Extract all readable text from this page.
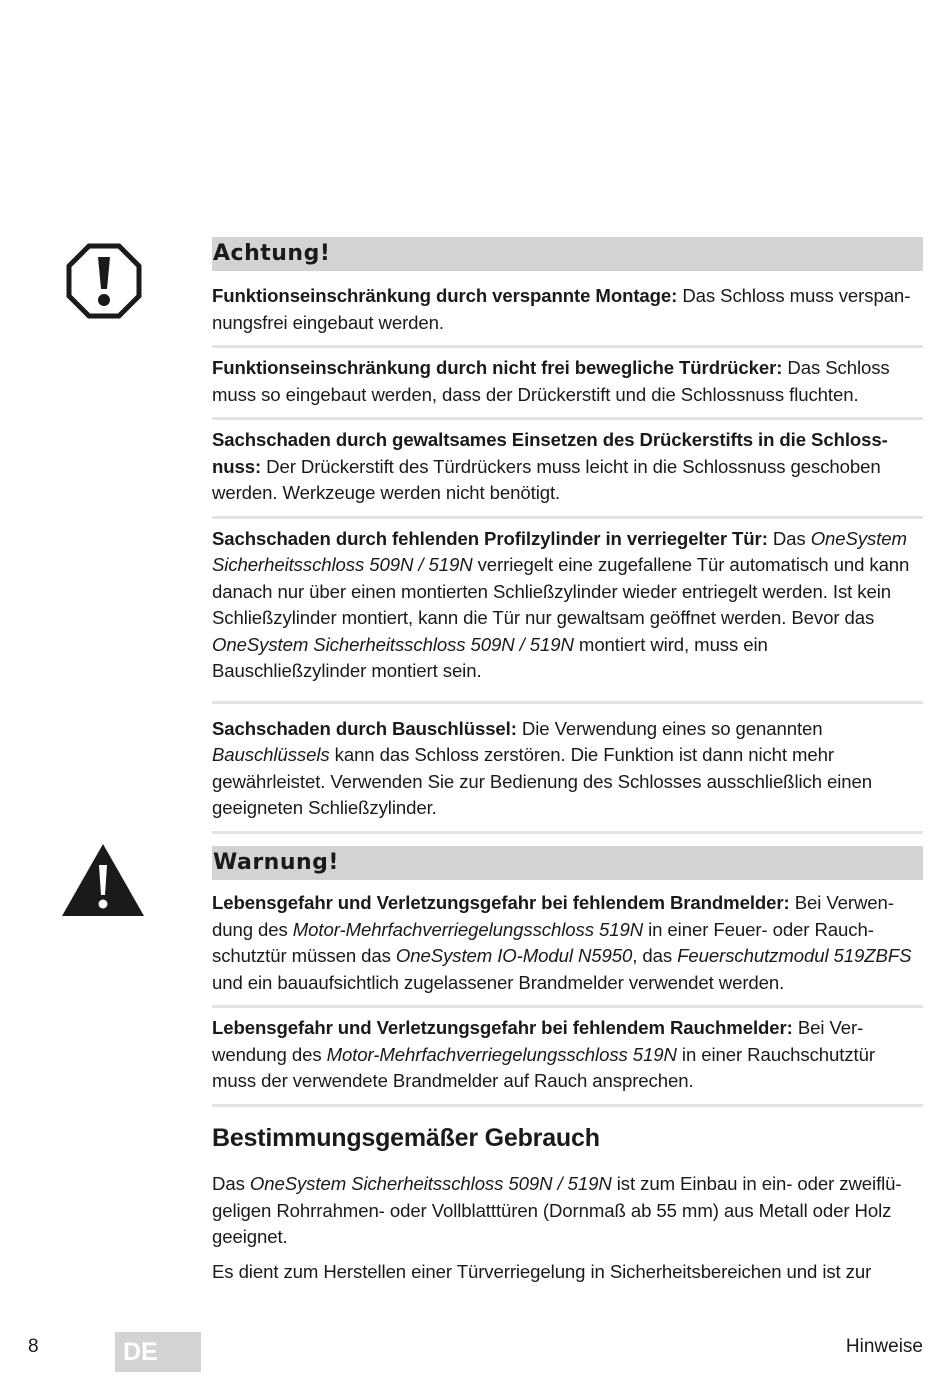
Achtung!

Funktionseinschränkung durch verspannte Montage: Das Schloss muss verspannungsfrei eingebaut werden.

Funktionseinschränkung durch nicht frei bewegliche Türdrücker: Das Schloss muss so eingebaut werden, dass der Drückerstift und die Schlossnuss fluchten.

Sachschaden durch gewaltsames Einsetzen des Drückerstifts in die Schlossnuss: Der Drückerstift des Türdrückers muss leicht in die Schlossnuss geschoben werden. Werkzeuge werden nicht benötigt.

Sachschaden durch fehlenden Profilzylinder in verriegelter Tür: Das OneSystem Sicherheitsschloss 509N / 519N verriegelt eine zugefallene Tür automatisch und kann danach nur über einen montierten Schließzylinder wieder entriegelt werden. Ist kein Schließzylinder montiert, kann die Tür nur gewaltsam geöffnet werden. Bevor das OneSystem Sicherheitsschloss 509N / 519N montiert wird, muss ein Bauschließzylinder montiert sein.

Sachschaden durch Bauschlüssel: Die Verwendung eines so genannten Bauschlüssels kann das Schloss zerstören. Die Funktion ist dann nicht mehr gewährleistet. Verwenden Sie zur Bedienung des Schlosses ausschließlich einen geeigneten Schließzylinder.

Warnung!

Lebensgefahr und Verletzungsgefahr bei fehlendem Brandmelder: Bei Verwendung des Motor-Mehrfachverriegelungsschloss 519N in einer Feuer- oder Rauchschutztür müssen das OneSystem IO-Modul N5950, das Feuerschutzmodul 519ZBFS und ein bauaufsichtlich zugelassener Brandmelder verwendet werden.

Lebensgefahr und Verletzungsgefahr bei fehlendem Rauchmelder: Bei Verwendung des Motor-Mehrfachverriegelungsschloss 519N in einer Rauchschutztür muss der verwendete Brandmelder auf Rauch ansprechen.

Bestimmungsgemäßer Gebrauch

Das OneSystem Sicherheitsschloss 509N / 519N ist zum Einbau in ein- oder zweiflügeligen Rohrrahmen- oder Vollblatttüren (Dornmaß ab 55 mm) aus Metall oder Holz geeignet.

Es dient zum Herstellen einer Türverriegelung in Sicherheitsbereichen und ist zur

8	DE	Hinweise
